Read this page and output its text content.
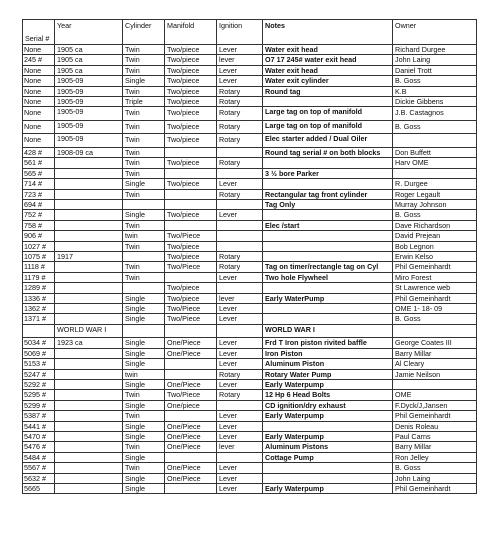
Serial #	Year	Cylinder	Manifold	Ignition	Notes	Owner
None	1905 ca	Twin	Two/piece	Lever	Water exit head	Richard Durgee
245 #	1905 ca	Twin	Two/piece	lever	O7 17 245# water exit head	John Laing
None	1905 ca	Twin	Two/piece	Lever	Water exit head	Daniel Trott
None	1905-09	Single	Two/piece	Lever	Water exit cylinder	B. Goss
None	1905-09	Twin	Two/piece	Rotary	Round tag	K.B
None	1905-09	Triple	Two/piece	Rotary		Dickie Gibbens
None	1905-09	Twin	Two/piece	Rotary	Large tag on top of manifold	J.B. Castagnos
None	1905-09	Twin	Two/piece	Rotary	Large tag on top of manifold	B. Goss
None	1905-09	Twin	Two/piece	Rotary	Elec starter added / Dual Oiler	
428 #	1908-09 ca	Twin			Round tag serial # on both blocks	Don Buffett
561 #		Twin	Two/piece	Rotary		Harv OME
565 #		Twin			3 ½ bore Parker	
714 #		Single	Two/piece	Lever		R. Durgee
723 #		Twin		Rotary	Rectangular tag front cylinder	Roger Legault
694 #					Tag Only	Murray Johnson
752 #		Single	Two/piece	Lever		B. Goss
758 #		Twin			Elec /start	Dave Richardson
906 #		twin	Two/Piece			David Prejean
1027 #		Twin	Two/piece			Bob Legnon
1075 #	1917		Two/piece	Rotary		Erwin Kelso
1118 #		Twin	Two/Piece	Rotary	Tag on timer/rectangle tag on Cyl	Phil Gemeinhardt
1179 #		Twin		Lever	Two hole Flywheel	Miro Forest
1289 #			Two/piece			St Lawrence web
1336 #		Single	Two/piece	lever	Early WaterPump	Phil Gemeinhardt
1362 #		Single	Two/Piece	Lever		OME 1- 18- 09
1371 #		Single	Two/Piece	Lever		B. Goss
	WORLD WAR I				WORLD WAR I	
5034 #	1923 ca	Single	One/Piece	Lever	Frd T Iron piston rivited baffle	George Coates III
5069 #		Single	One/Piece	Lever	Iron Piston	Barry Millar
5153 #		Single		Lever	Aluminum Piston	Al Cleary
5247 #		twin		Rotary	Rotary Water Pump	Jamie Neilson
5292 #		Single	One/Piece	Lever	Early Waterpump	
5295 #		Twin	Two/Piece	Rotary	12 Hp 6 Head Bolts	OME
5299 #		Single	One/piece		CD ignition/dry exhaust	F.Dyck/J,Jansen
5387 #		Twin		Lever	Early Waterpump	Phil Gemeinhardt
5441 #		Single	One/Piece	Lever		Denis Roleau
5470 #		Single	One/Piece	Lever	Early Waterpump	Paul Carns
5476 #		Twin	One/Piece	lever	Aluminum Pistons	Barry Millar
5484 #		Single			Cottage Pump	Ron Jelley
5567 #		Twin	One/Piece	Lever		B. Goss
5632 #		Single	One/Piece	Lever		John Laing
5665		Single		Lever	Early Waterpump	Phil Gemeinhardt
